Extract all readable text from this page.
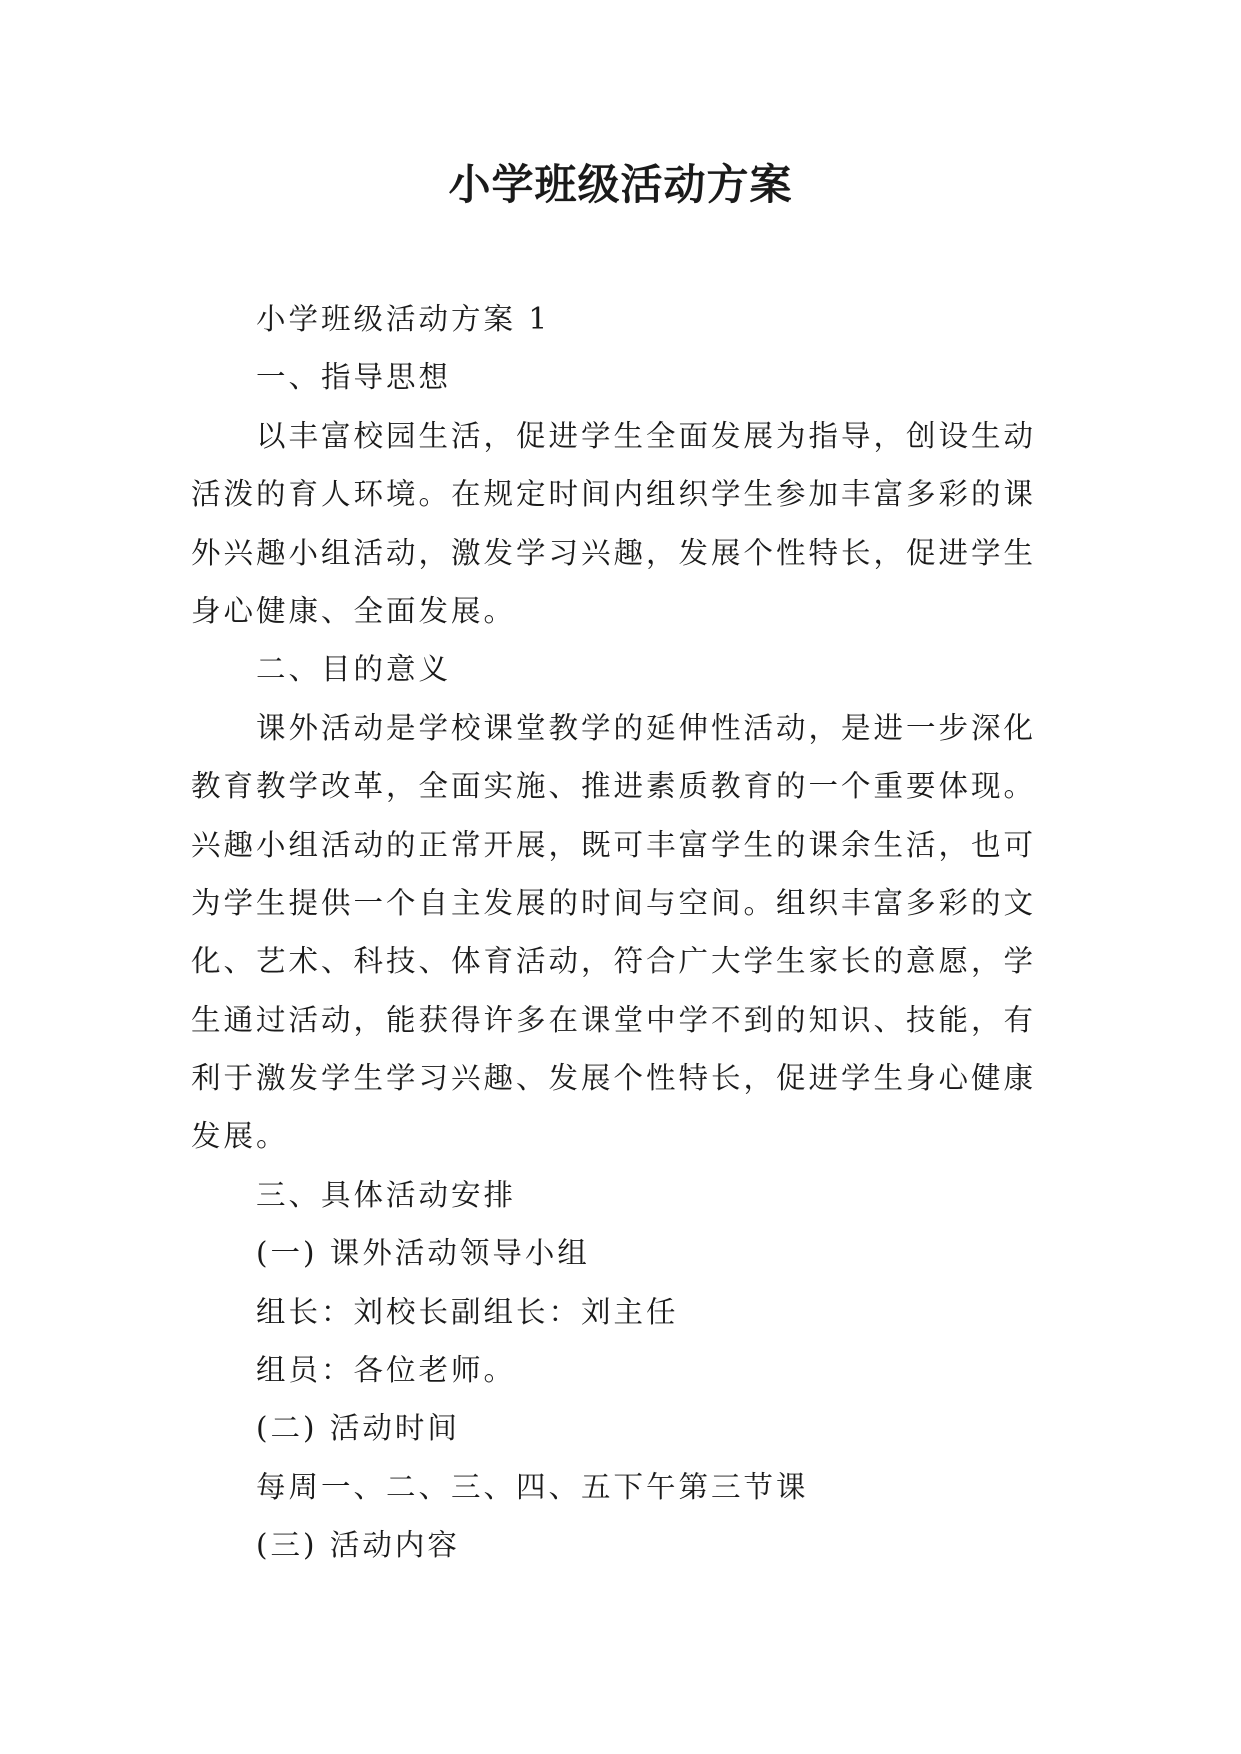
小学班级活动方案
小学班级活动方案 1
一、指导思想
以丰富校园生活，促进学生全面发展为指导，创设生动
活泼的育人环境。在规定时间内组织学生参加丰富多彩的课
外兴趣小组活动，激发学习兴趣，发展个性特长，促进学生
身心健康、全面发展。
二、目的意义
课外活动是学校课堂教学的延伸性活动，是进一步深化
教育教学改革，全面实施、推进素质教育的一个重要体现。
兴趣小组活动的正常开展，既可丰富学生的课余生活，也可
为学生提供一个自主发展的时间与空间。组织丰富多彩的文
化、艺术、科技、体育活动，符合广大学生家长的意愿，学
生通过活动，能获得许多在课堂中学不到的知识、技能，有
利于激发学生学习兴趣、发展个性特长，促进学生身心健康
发展。
三、具体活动安排
(一) 课外活动领导小组
组长：刘校长副组长：刘主任
组员：各位老师。
(二) 活动时间
每周一、二、三、四、五下午第三节课
(三) 活动内容
